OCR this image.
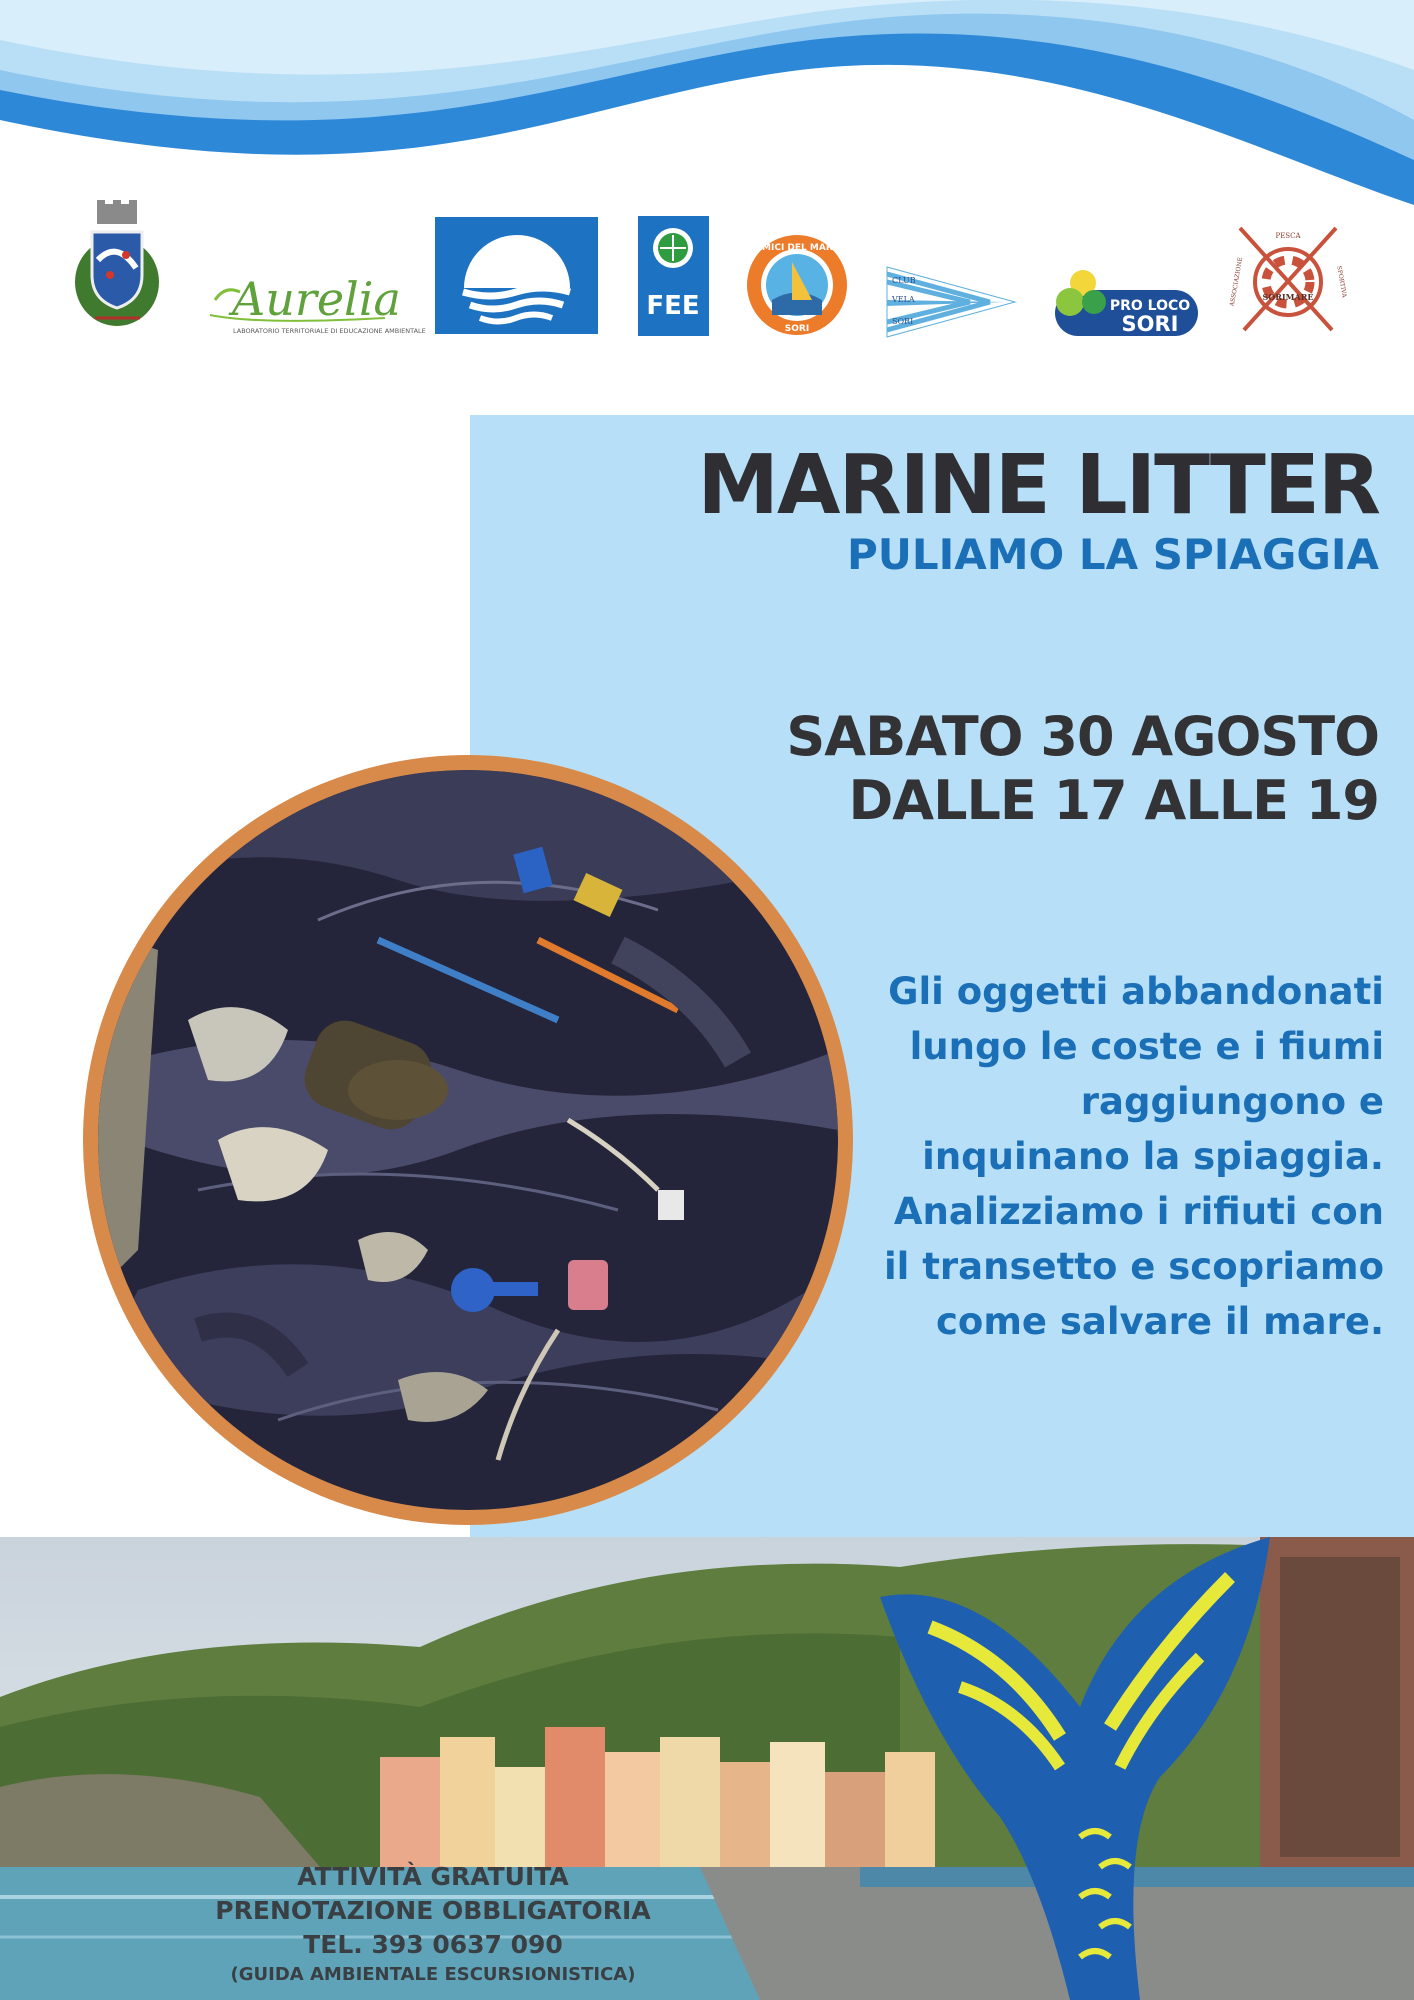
Aurelia
LABORATORIO TERRITORIALE DI EDUCAZIONE AMBIENTALE
FEE
AMICI DEL MARE
SORI
CLUB
VELA
SORI
PRO LOCO
SORI
PESCA
SORIMARE
ASSOCIAZIONE	SPORTIVA
MARINE LITTER
PULIAMO LA SPIAGGIA
SABATO 30 AGOSTO
DALLE 17 ALLE 19
Gli oggetti abbandonati
lungo le coste e i fiumi
raggiungono e
inquinano la spiaggia.
Analizziamo i rifiuti con
il transetto e scopriamo
come salvare il mare.
ATTIVITÀ GRATUITA
PRENOTAZIONE OBBLIGATORIA
TEL. 393 0637 090
(GUIDA AMBIENTALE ESCURSIONISTICA)
